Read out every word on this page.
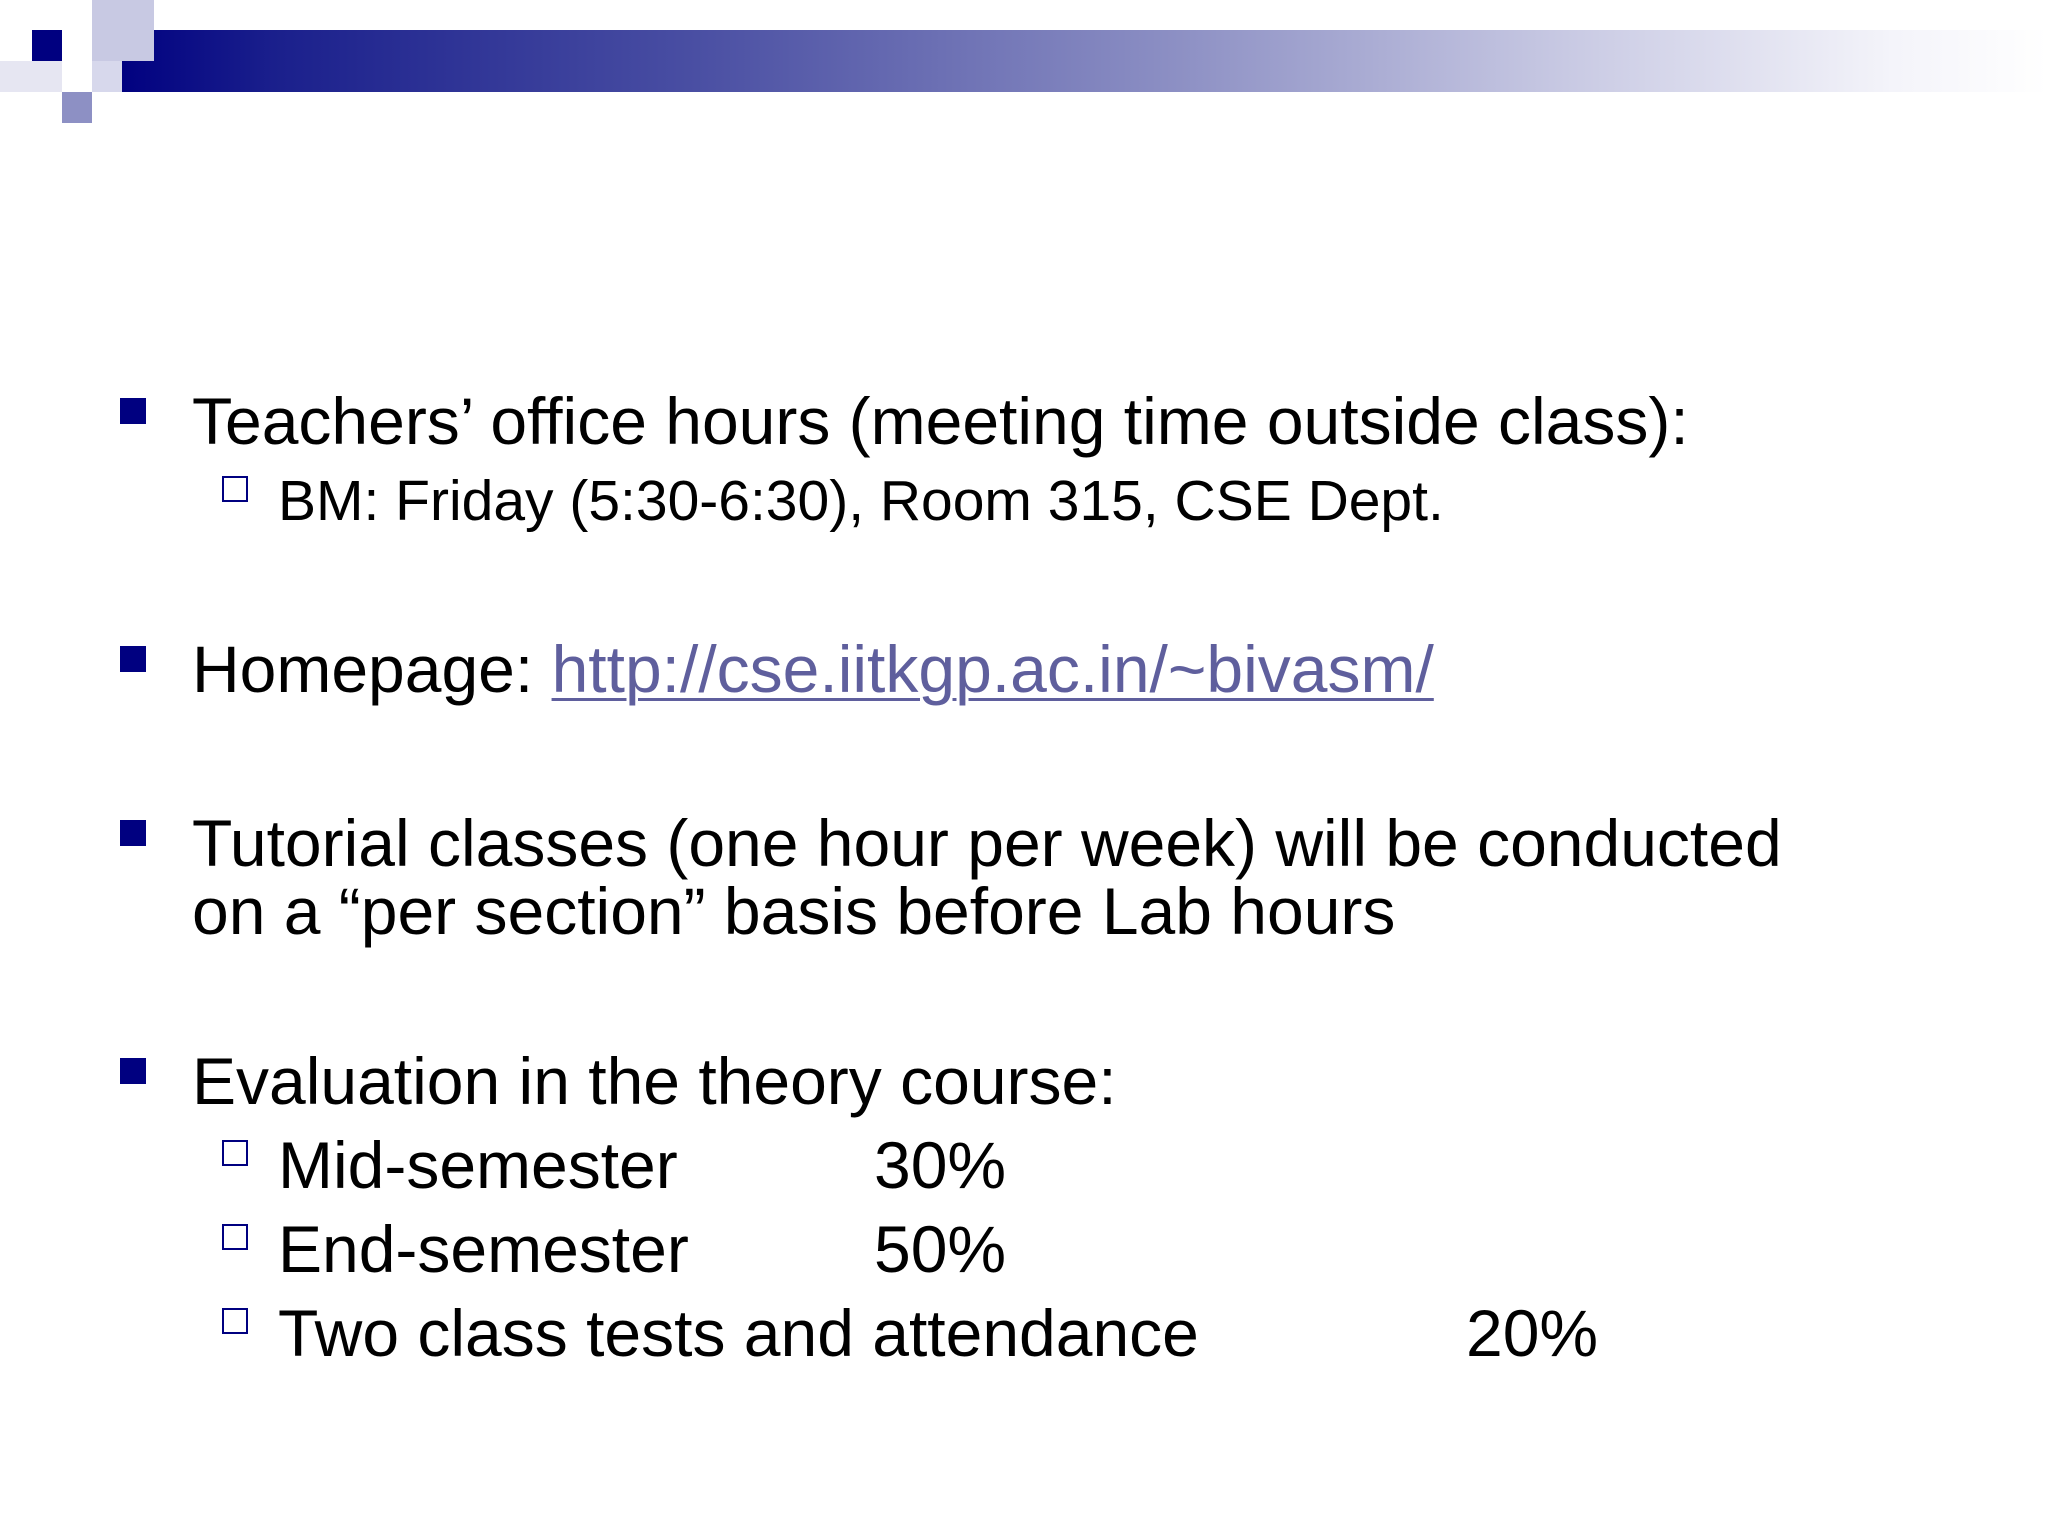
Teachers’ office hours (meeting time outside class):
BM: Friday (5:30-6:30), Room 315, CSE Dept.
Homepage: http://cse.iitkgp.ac.in/~bivasm/
Tutorial classes (one hour per week) will be conducted
on a “per section” basis before Lab hours
Evaluation in the theory course:
Mid-semester	30%
End-semester	50%
Two class tests and attendance	20%
